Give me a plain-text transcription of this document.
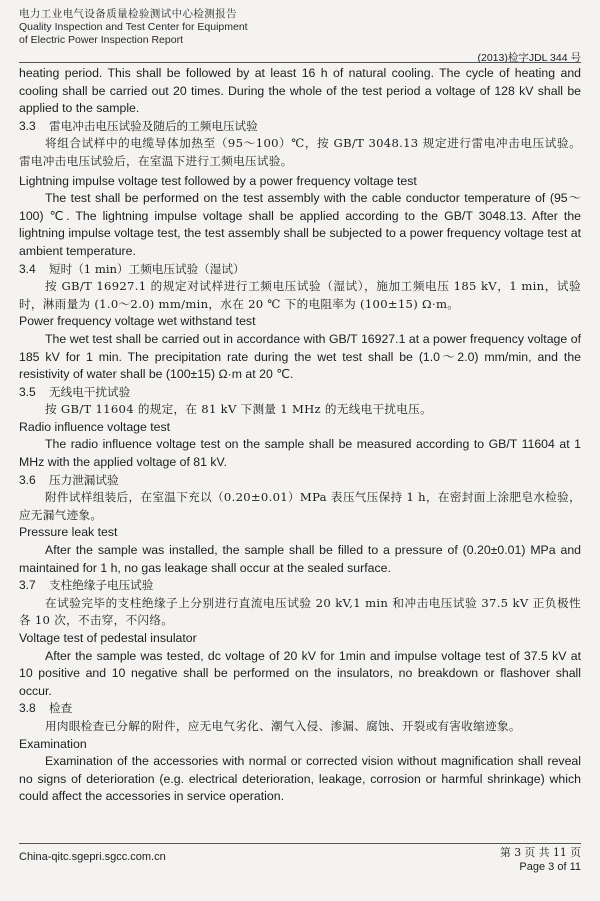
电力工业电气设备质量检验测试中心检测报告
Quality Inspection and Test Center for Equipment
of Electric Power Inspection Report
(2013)检字JDL 344 号

heating period. This shall be followed by at least 16 h of natural cooling. The cycle of heating and cooling shall be carried out 20 times. During the whole of the test period a voltage of 128 kV shall be applied to the sample.

3.3 雷电冲击电压试验及随后的工频电压试验

将组合试样中的电缆导体加热至（95～100）℃，按 GB/T 3048.13 规定进行雷电冲击电压试验。雷电冲击电压试验后，在室温下进行工频电压试验。

Lightning impulse voltage test followed by a power frequency voltage test

The test shall be performed on the test assembly with the cable conductor temperature of (95～100) ℃. The lightning impulse voltage shall be applied according to the GB/T 3048.13. After the lightning impulse voltage test, the test assembly shall be subjected to a power frequency voltage test at ambient temperature.

3.4 短时（1 min）工频电压试验（湿试）

按 GB/T 16927.1 的规定对试样进行工频电压试验（湿试），施加工频电压 185 kV，1 min，试验时，淋雨量为 (1.0～2.0) mm/min，水在 20 ℃ 下的电阻率为 (100±15) Ω·m。

Power frequency voltage wet withstand test

The wet test shall be carried out in accordance with GB/T 16927.1 at a power frequency voltage of 185 kV for 1 min. The precipitation rate during the wet test shall be (1.0～2.0) mm/min, and the resistivity of water shall be (100±15) Ω·m at 20 ℃.

3.5 无线电干扰试验

按 GB/T 11604 的规定，在 81 kV 下测量 1 MHz 的无线电干扰电压。

Radio influence voltage test

The radio influence voltage test on the sample shall be measured according to GB/T 11604 at 1 MHz with the applied voltage of 81 kV.

3.6 压力泄漏试验

附件试样组装后，在室温下充以（0.20±0.01）MPa 表压气压保持 1 h，在密封面上涂肥皂水检验，应无漏气迹象。

Pressure leak test

After the sample was installed, the sample shall be filled to a pressure of (0.20±0.01) MPa and maintained for 1 h, no gas leakage shall occur at the sealed surface.

3.7 支柱绝缘子电压试验

在试验完毕的支柱绝缘子上分别进行直流电压试验 20 kV,1 min 和冲击电压试验 37.5 kV 正负极性各 10 次，不击穿，不闪络。

Voltage test of pedestal insulator

After the sample was tested, dc voltage of 20 kV for 1min and impulse voltage test of 37.5 kV at 10 positive and 10 negative shall be performed on the insulators, no breakdown or flashover shall occur.

3.8 检查

用肉眼检查已分解的附件，应无电气劣化、潮气入侵、渗漏、腐蚀、开裂或有害收缩迹象。

Examination

Examination of the accessories with normal or corrected vision without magnification shall reveal no signs of deterioration (e.g. electrical deterioration, leakage, corrosion or harmful shrinkage) which could affect the accessories in service operation.

China-qitc.sgepri.sgcc.com.cn	第 3 页 共 11 页
Page 3 of 11
